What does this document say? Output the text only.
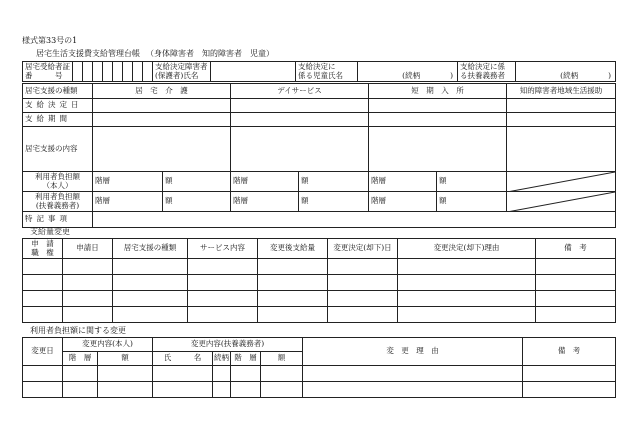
様式第33号の1
居宅生活支援費支給管理台帳 （身体障害者　知的障害者　児童）
居宅受給者証
番　　　号

支給決定障害者
(保護者)氏名

支給決定に
係る児童氏名	(続柄　　　　)	
支給決定に係
る扶養義務者	(続柄　　　　)
居宅支援の種類	居　宅　介　護		デイサービス		短　期　入　所		知的障害者地域生活援助
支給決定日							
支給期間							
居宅支援の内容							

利用者負担額
（本人）	階層	額	階層	額	階層	額	

利用者負担額
(扶養義務者)	階層	額	階層	額	階層	額	

特記事項							
支給量変更
申　請
職　権	申請日	居宅支援の種類	サービス内容	変更後支給量	変更決定(却下)日	変更決定(却下)理由	備　考

利用者負担額に関する変更
変更日	変更内容(本人)		変更内容(扶養義務者)				変　更　理　由	備　考
	階　層	額	氏　　　名	続柄	階　層	額		
